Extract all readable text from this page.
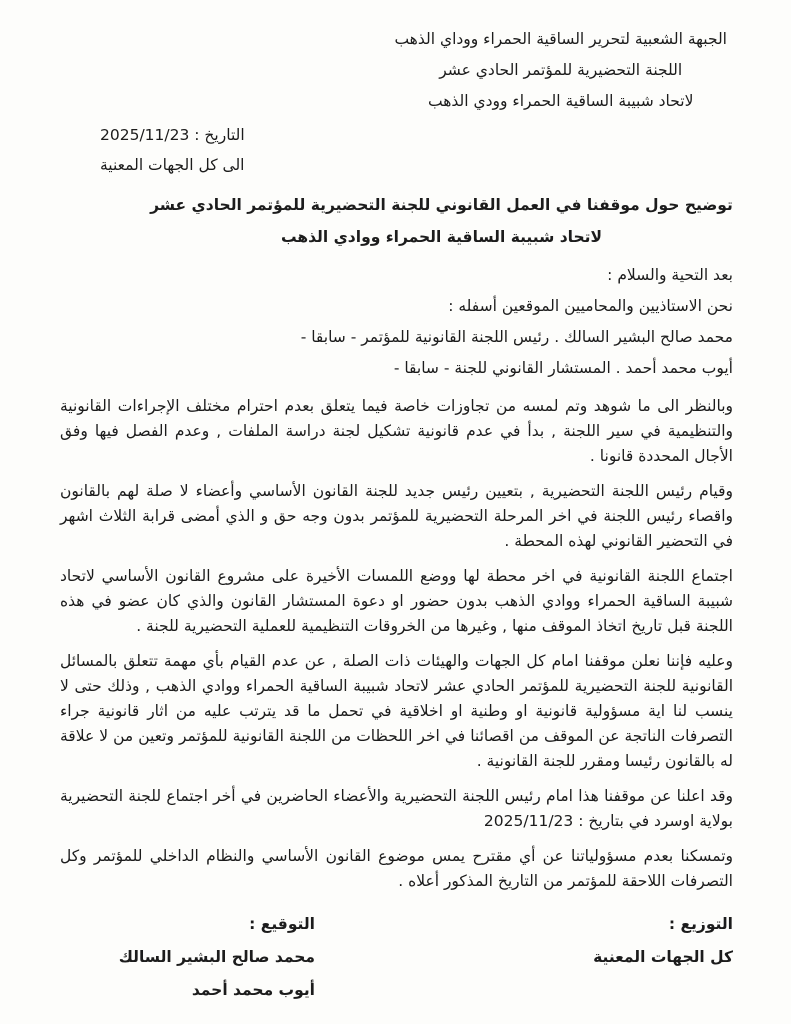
الجبهة الشعبية لتحرير الساقية الحمراء ووداي الذهب
اللجنة التحضيرية للمؤتمر الحادي عشر
لاتحاد شبيبة الساقية الحمراء وودي الذهب
التاريخ : 2025/11/23
الى كل الجهات المعنية
توضيح حول موقفنا في العمل القانوني للجنة التحضيرية للمؤتمر الحادي عشر
لاتحاد شبيبة الساقية الحمراء ووادي الذهب

بعد التحية والسلام :

نحن الاستاذيين والمحاميين الموقعين أسفله :

محمد صالح البشير السالك . رئيس اللجنة القانونية للمؤتمر - سابقا -

أيوب محمد أحمد . المستشار القانوني للجنة - سابقا -

وبالنظر الى ما شوهد وتم لمسه من تجاوزات خاصة فيما يتعلق بعدم احترام مختلف الإجراءات القانونية والتنظيمية في سير اللجنة , بدأ في عدم قانونية تشكيل لجنة دراسة الملفات , وعدم الفصل فيها وفق الأجال المحددة قانونا .

وقيام رئيس اللجنة التحضيرية , بتعيين رئيس جديد للجنة القانون الأساسي وأعضاء لا صلة لهم بالقانون واقصاء رئيس اللجنة في اخر المرحلة التحضيرية للمؤتمر بدون وجه حق و الذي أمضى قرابة الثلاث اشهر في التحضير القانوني لهذه المحطة .

اجتماع اللجنة القانونية في اخر محطة لها ووضع اللمسات الأخيرة على مشروع القانون الأساسي لاتحاد شبيبة الساقية الحمراء ووادي الذهب بدون حضور او دعوة المستشار القانون والذي كان عضو في هذه اللجنة قبل تاريخ اتخاذ الموقف منها , وغيرها من الخروقات التنظيمية للعملية التحضيرية للجنة .

وعليه فإننا نعلن موقفنا امام كل الجهات والهيئات ذات الصلة , عن عدم القيام بأي مهمة تتعلق بالمسائل القانونية للجنة التحضيرية للمؤتمر الحادي عشر لاتحاد شبيبة الساقية الحمراء ووادي الذهب , وذلك حتى لا ينسب لنا اية مسؤولية قانونية او وطنية او اخلاقية في تحمل ما قد يترتب عليه من اثار قانونية جراء التصرفات الناتجة عن الموقف من اقصائنا في اخر اللحظات من اللجنة القانونية للمؤتمر وتعين من لا علاقة له بالقانون رئيسا ومقرر للجنة القانونية .

وقد اعلنا عن موقفنا هذا امام رئيس اللجنة التحضيرية والأعضاء الحاضرين في أخر اجتماع للجنة التحضيرية بولاية اوسرد في بتاريخ : 2025/11/23

وتمسكنا بعدم مسؤولياتنا عن أي مقترح يمس موضوع القانون الأساسي والنظام الداخلي للمؤتمر وكل التصرفات اللاحقة للمؤتمر من التاريخ المذكور أعلاه .

التوزيع :
كل الجهات المعنية
التوقيع :
محمد صالح البشير السالك
أيوب محمد أحمد
